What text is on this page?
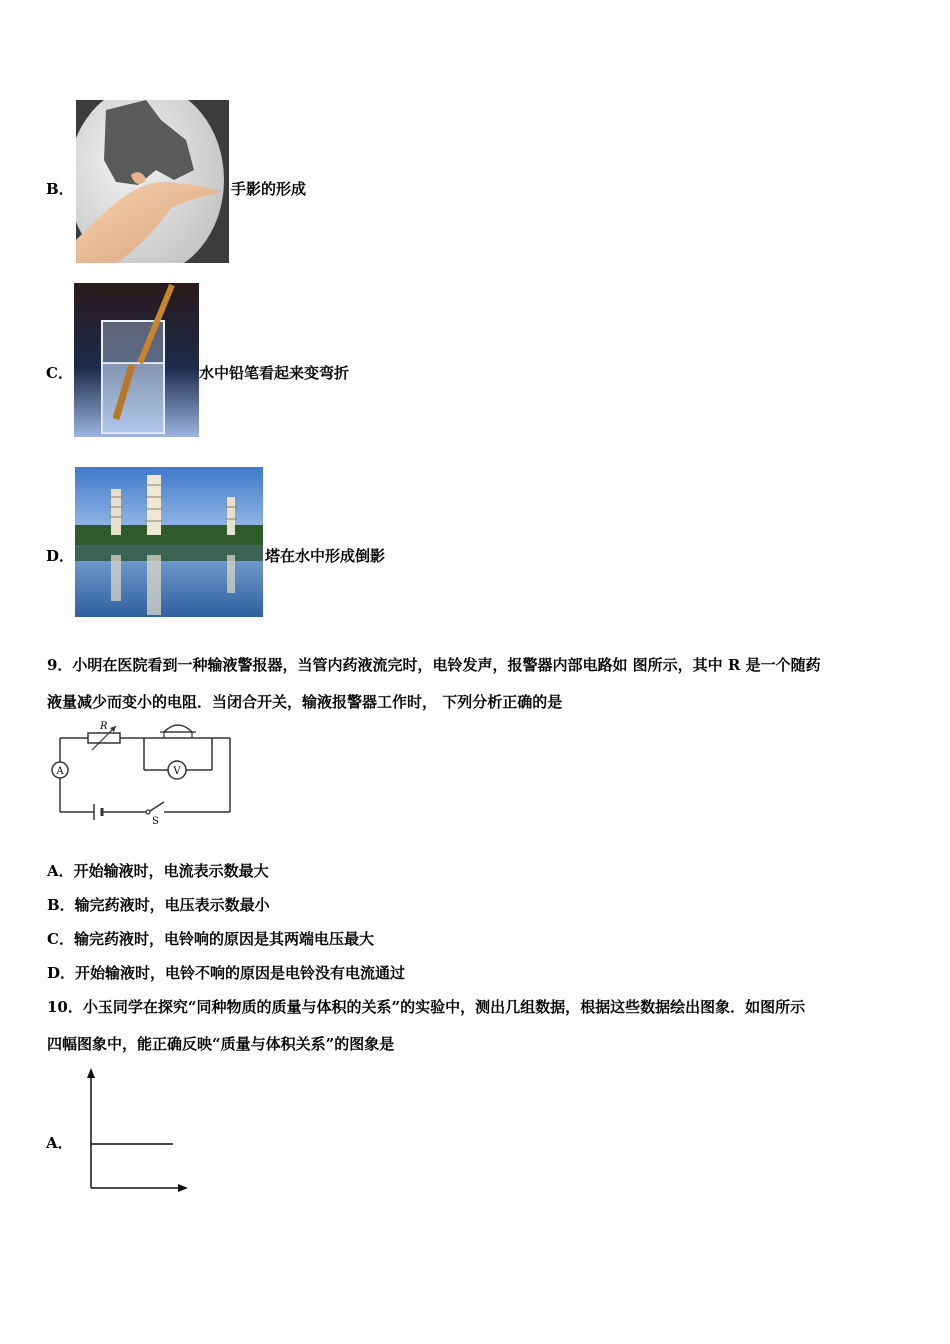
B．	手影的形成
C．	水中铅笔看起来变弯折
D．	塔在水中形成倒影
9．小明在医院看到一种输液警报器，当管内药液流完时，电铃发声，报警器内部电路如 图所示，其中 R 是一个随药
液量减少而变小的电阻．当闭合开关，输液报警器工作时， 下列分析正确的是
R
A	V
S
A．开始输液时，电流表示数最大
B．输完药液时，电压表示数最小
C．输完药液时，电铃响的原因是其两端电压最大
D．开始输液时，电铃不响的原因是电铃没有电流通过
10．小玉同学在探究“同种物质的质量与体积的关系”的实验中，测出几组数据，根据这些数据绘出图象．如图所示
四幅图象中，能正确反映“质量与体积关系”的图象是
A．
